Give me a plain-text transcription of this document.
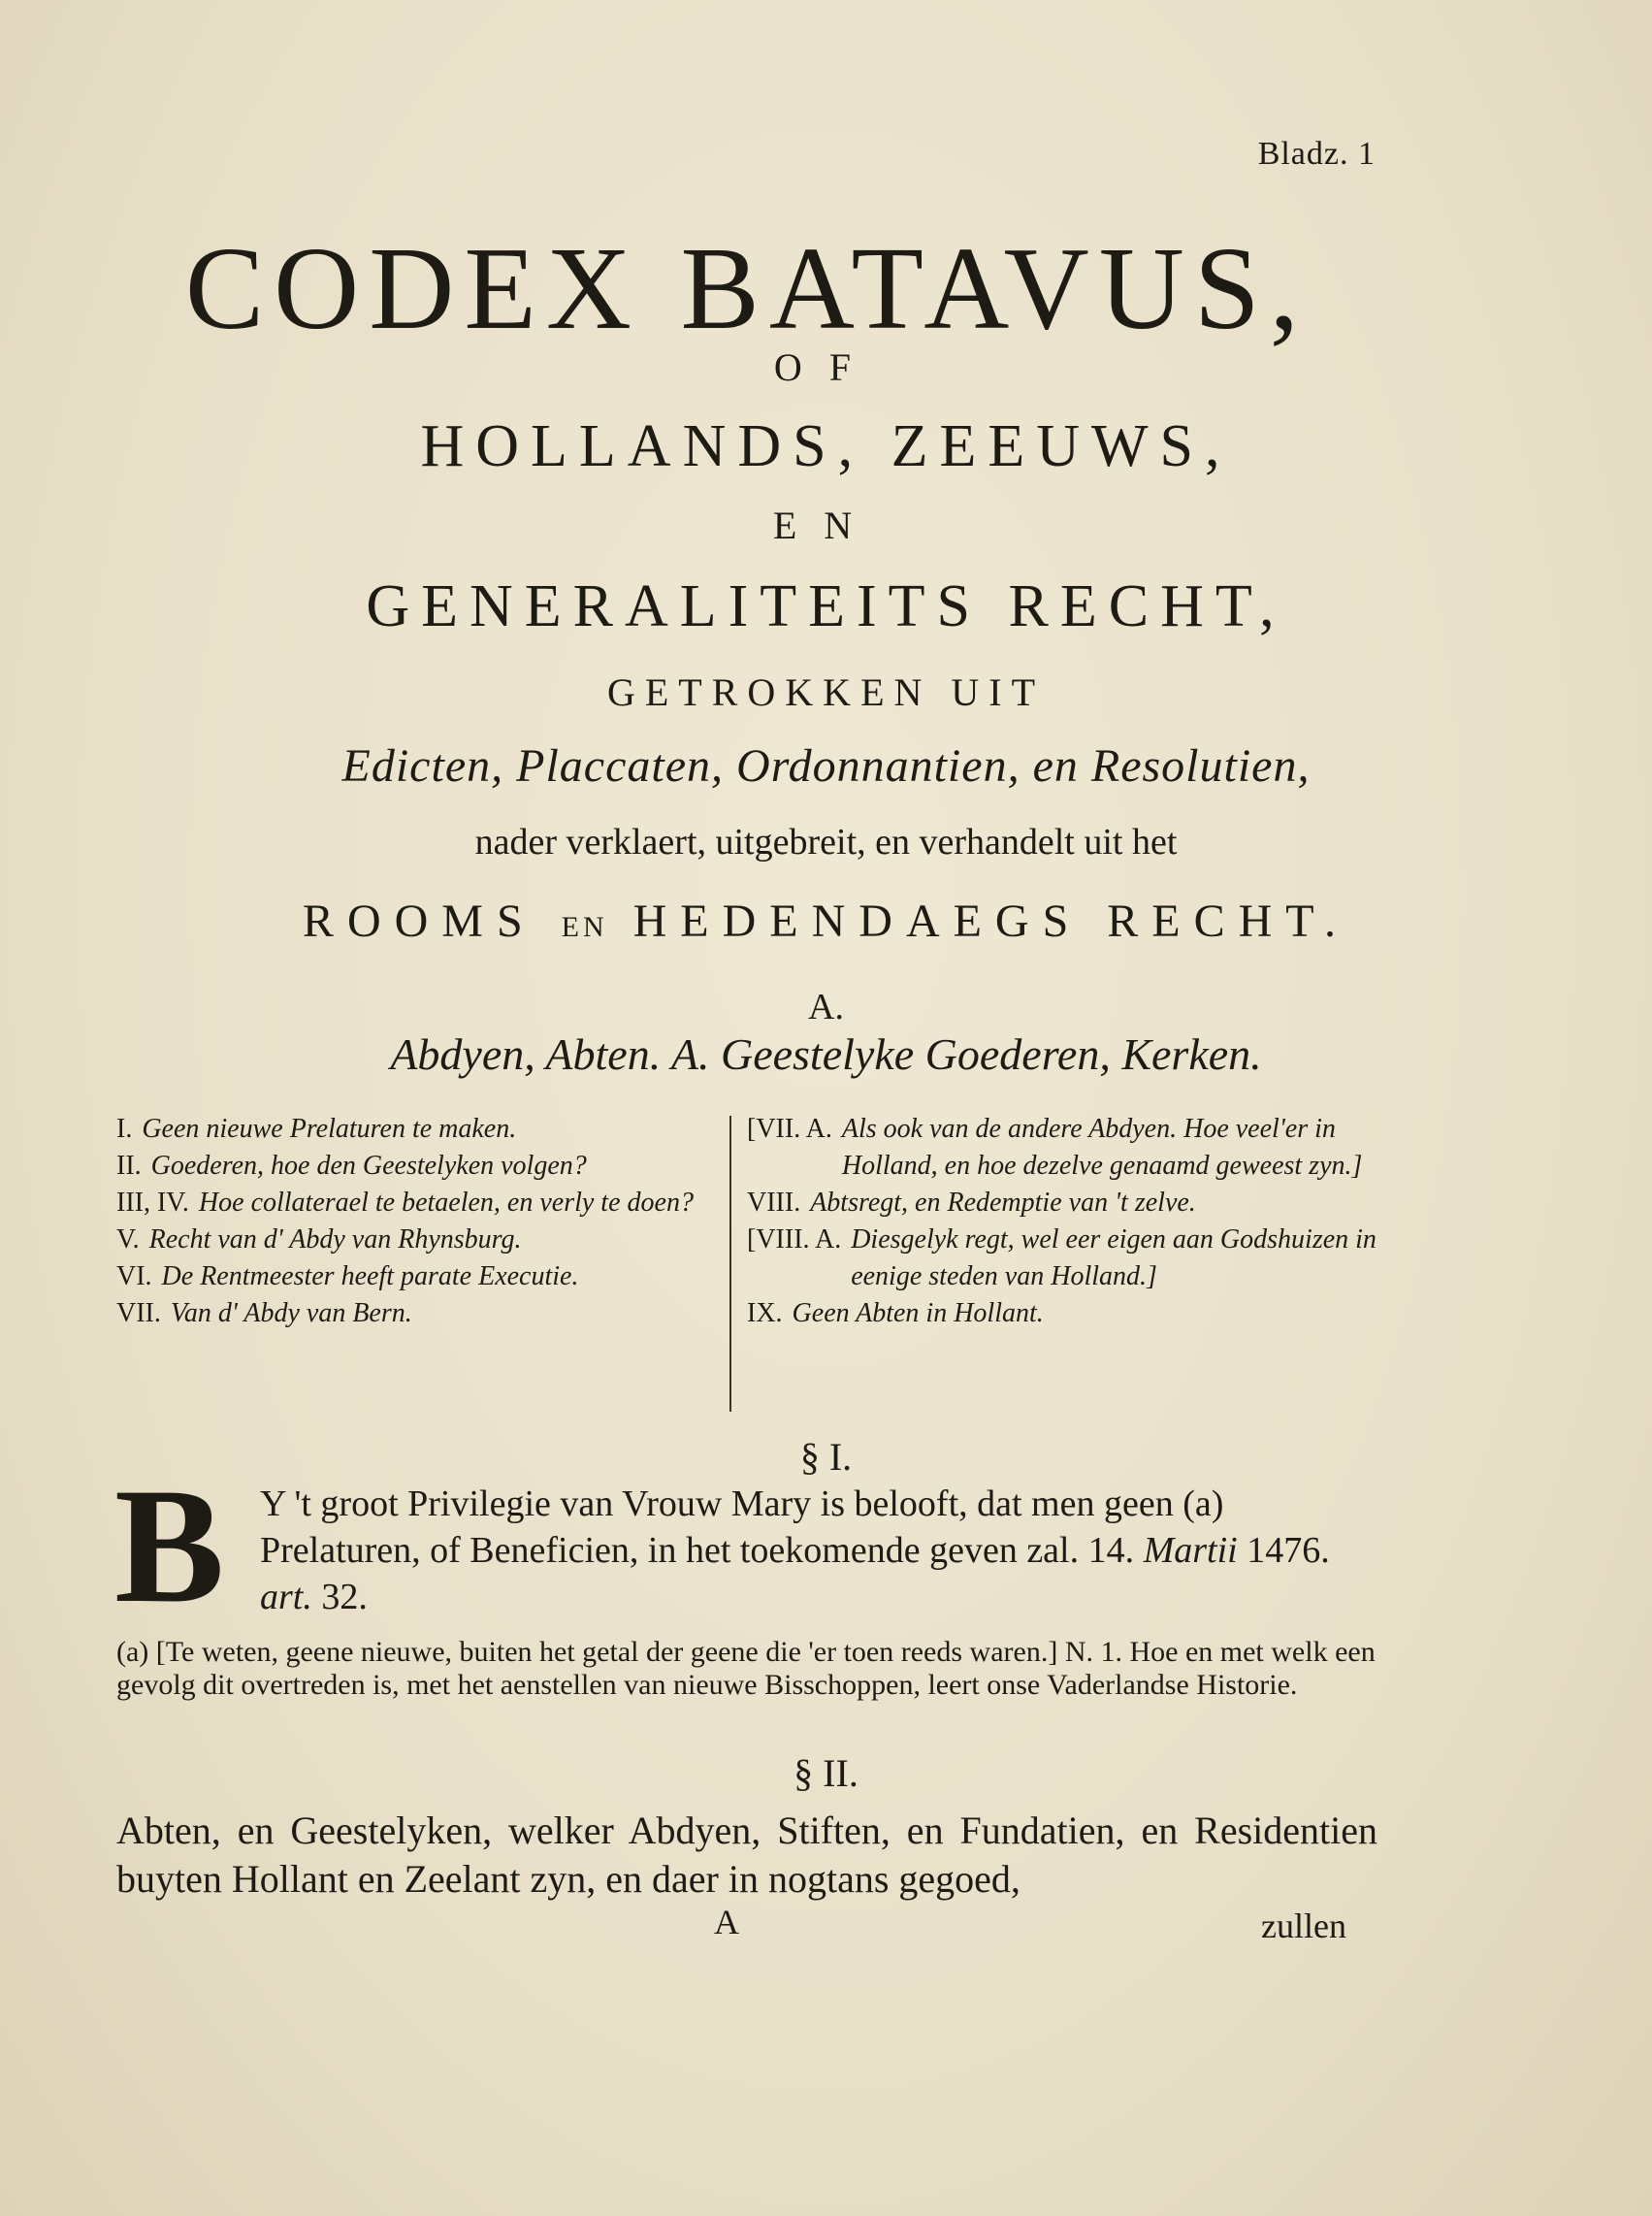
Bladz. 1
CODEX BATAVUS,
OF
HOLLANDS, ZEEUWS,
EN
GENERALITEITS RECHT,
GETROKKEN UIT
Edicten, Placcaten, Ordonnantien, en Resolutien,
nader verklaert, uitgebreit, en verhandelt uit het
ROOMS EN HEDENDAEGS RECHT.
A.
Abdyen, Abten. A. Geestelyke Goederen, Kerken.
I. Geen nieuwe Prelaturen te maken.
II. Goederen, hoe den Geestelyken volgen?
III, IV. Hoe collaterael te betaelen, en verly te doen?
V. Recht van d' Abdy van Rhynsburg.
VI. De Rentmeester heeft parate Executie.
VII. Van d' Abdy van Bern.
[VII. A. Als ook van de andere Abdyen. Hoe veel'er in Holland, en hoe dezelve genaamd geweest zyn.]
VIII. Abtsregt, en Redemptie van 't zelve.
[VIII. A. Diesgelyk regt, wel eer eigen aan Godshuizen in eenige steden van Holland.]
IX. Geen Abten in Hollant.
§ I.
B Y 't groot Privilegie van Vrouw Mary is belooft, dat men geen (a) Prelaturen, of Beneficien, in het toekomende geven zal. 14. Martii 1476. art. 32.
(a) [Te weten, geene nieuwe, buiten het getal der geene die 'er toen reeds waren.] N. 1. Hoe en met welk een gevolg dit overtreden is, met het aenstellen van nieuwe Bisschoppen, leert onse Vaderlandse Historie.
§ II.
Abten, en Geestelyken, welker Abdyen, Stiften, en Fundatien, en Residentien buyten Hollant en Zeelant zyn, en daer in nogtans gegoed,
A	zullen
